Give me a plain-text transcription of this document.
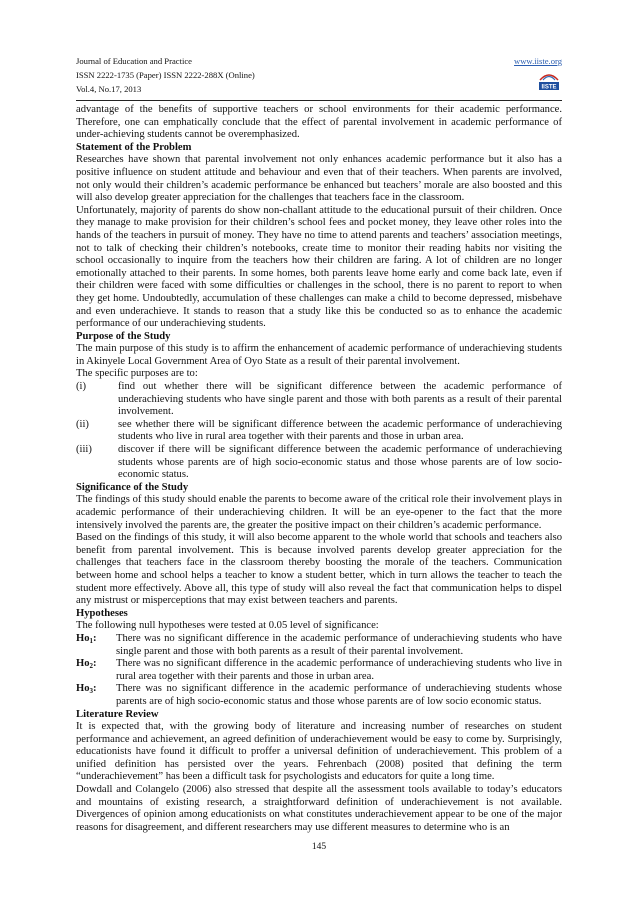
Journal of Education and Practice	www.iiste.org
ISSN 2222-1735 (Paper) ISSN 2222-288X (Online)
Vol.4, No.17, 2013	IISTE

advantage of the benefits of supportive teachers or school environments for their academic performance. Therefore, one can emphatically conclude that the effect of parental involvement in academic performance of under-achieving students cannot be overemphasized.

Statement of the Problem

Researches have shown that parental involvement not only enhances academic performance but it also has a positive influence on student attitude and behaviour and even that of their teachers. When parents are involved, not only would their children’s academic performance be enhanced but teachers’ morale are also boosted and this will also develop greater appreciation for the challenges that teachers face in the classroom.

Unfortunately, majority of parents do show non-challant attitude to the educational pursuit of their children. Once they manage to make provision for their children’s school fees and pocket money, they leave other roles into the hands of the teachers in pursuit of money. They have no time to attend parents and teachers’ association meetings, not to talk of checking their children’s notebooks, create time to monitor their reading habits nor visiting the school occasionally to inquire from the teachers how their children are faring. A lot of children are no longer emotionally attached to their parents. In some homes, both parents leave home early and come back late, even if their children were faced with some difficulties or challenges in the school, there is no parent to report to when they get home. Undoubtedly, accumulation of these challenges can make a child to become depressed, misbehave and even underachieve. It stands to reason that a study like this be conducted so as to enhance the academic performance of our underachieving students.

Purpose of the Study

The main purpose of this study is to affirm the enhancement of academic performance of underachieving students in Akinyele Local Government Area of Oyo State as a result of their parental involvement.

The specific purposes are to:

(i)	find out whether there will be significant difference between the academic performance of underachieving students who have single parent and those with both parents as a result of their parental involvement.
(ii)	see whether there will be significant difference between the academic performance of underachieving students who live in rural area together with their parents and those in urban area.
(iii)	discover if there will be significant difference between the academic performance of underachieving students whose parents are of high socio-economic status and those whose parents are of low socio-economic status.
Significance of the Study

The findings of this study should enable the parents to become aware of the critical role their involvement plays in academic performance of their underachieving children. It will be an eye-opener to the fact that the more intensively involved the parents are, the greater the positive impact on their children’s academic performance.

Based on the findings of this study, it will also become apparent to the whole world that schools and teachers also benefit from parental involvement. This is because involved parents develop greater appreciation for the challenges that teachers face in the classroom thereby boosting the morale of the teachers. Communication between home and school helps a teacher to know a student better, which in turn allows the teacher to teach the student more effectively. Above all, this type of study will also reveal the fact that communication helps to dispel any mistrust or misperceptions that may exist between teachers and parents.

Hypotheses

The following null hypotheses were tested at 0.05 level of significance:

$Ho_1$:	There was no significant difference in the academic performance of underachieving students who have single parent and those with both parents as a result of their parental involvement.
$Ho_2$:	There was no significant difference in the academic performance of underachieving students who live in rural area together with their parents and those in urban area.
$Ho_3$:	There was no significant difference in the academic performance of underachieving students whose parents are of high socio-economic status and those whose parents are of low socio economic status.
Literature Review

It is expected that, with the growing body of literature and increasing number of researches on student performance and achievement, an agreed definition of underachievement would be easy to come by. Surprisingly, educationists have found it difficult to proffer a universal definition of underachievement. This problem of a unified definition has persisted over the years. Fehrenbach (2008) posited that defining the term “underachievement” has been a difficult task for psychologists and educators for quite a long time.

Dowdall and Colangelo (2006) also stressed that despite all the assessment tools available to today’s educators and mountains of existing research, a straightforward definition of underachievement is not available. Divergences of opinion among educationists on what constitutes underachievement appear to be one of the major reasons for disagreement, and different researchers may use different measures to determine who is an

145
